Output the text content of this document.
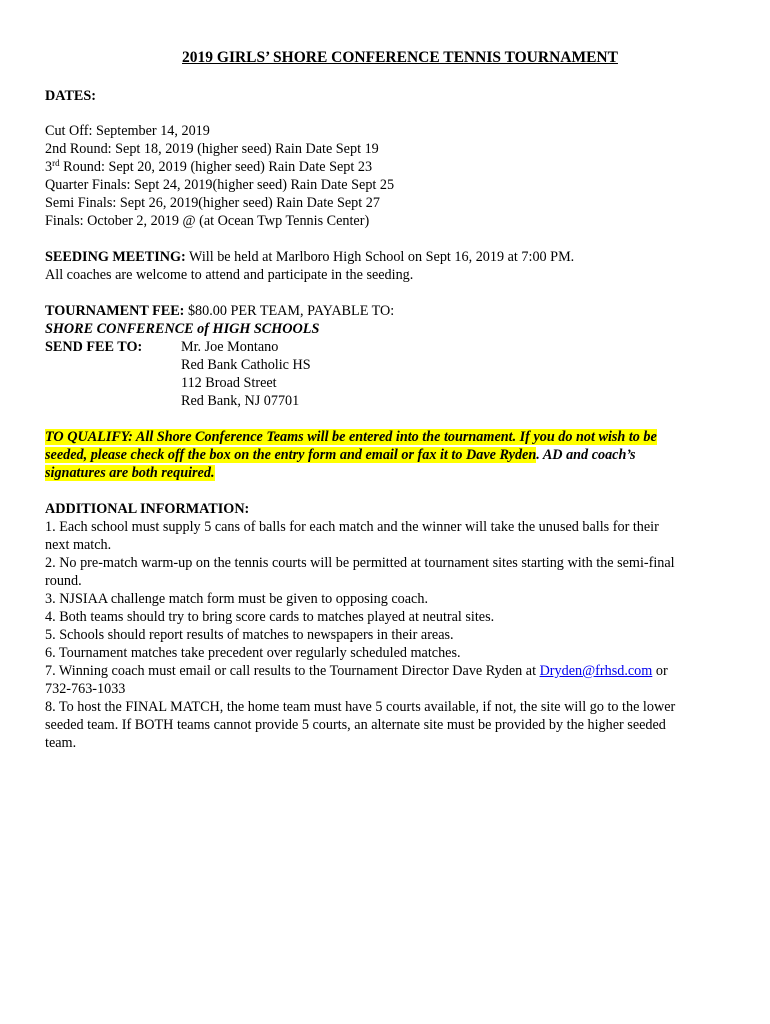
2019 GIRLS’ SHORE CONFERENCE TENNIS TOURNAMENT

DATES:

Cut Off: September 14, 2019

2nd Round: Sept 18, 2019 (higher seed) Rain Date Sept 19

3rd Round: Sept 20, 2019 (higher seed) Rain Date Sept 23

Quarter Finals: Sept 24, 2019(higher seed) Rain Date Sept 25

Semi Finals: Sept 26, 2019(higher seed) Rain Date Sept 27

Finals: October 2, 2019 @ (at Ocean Twp Tennis Center)

SEEDING MEETING: Will be held at Marlboro High School on Sept 16, 2019 at 7:00 PM.

All coaches are welcome to attend and participate in the seeding.

TOURNAMENT FEE: $80.00 PER TEAM, PAYABLE TO:

SHORE CONFERENCE of HIGH SCHOOLS

SEND FEE TO:	Mr. Joe Montano

Red Bank Catholic HS

112 Broad Street

Red Bank, NJ 07701

TO QUALIFY: All Shore Conference Teams will be entered into the tournament. If you do not wish to be

seeded, please check off the box on the entry form and email or fax it to Dave Ryden. AD and coach’s

signatures are both required.

ADDITIONAL INFORMATION:

1. Each school must supply 5 cans of balls for each match and the winner will take the unused balls for their

next match.

2. No pre-match warm-up on the tennis courts will be permitted at tournament sites starting with the semi-final

round.

3. NJSIAA challenge match form must be given to opposing coach.

4. Both teams should try to bring score cards to matches played at neutral sites.

5. Schools should report results of matches to newspapers in their areas.

6. Tournament matches take precedent over regularly scheduled matches.

7. Winning coach must email or call results to the Tournament Director Dave Ryden at Dryden@frhsd.com or

732-763-1033

8. To host the FINAL MATCH, the home team must have 5 courts available, if not, the site will go to the lower

seeded team. If BOTH teams cannot provide 5 courts, an alternate site must be provided by the higher seeded

team.
